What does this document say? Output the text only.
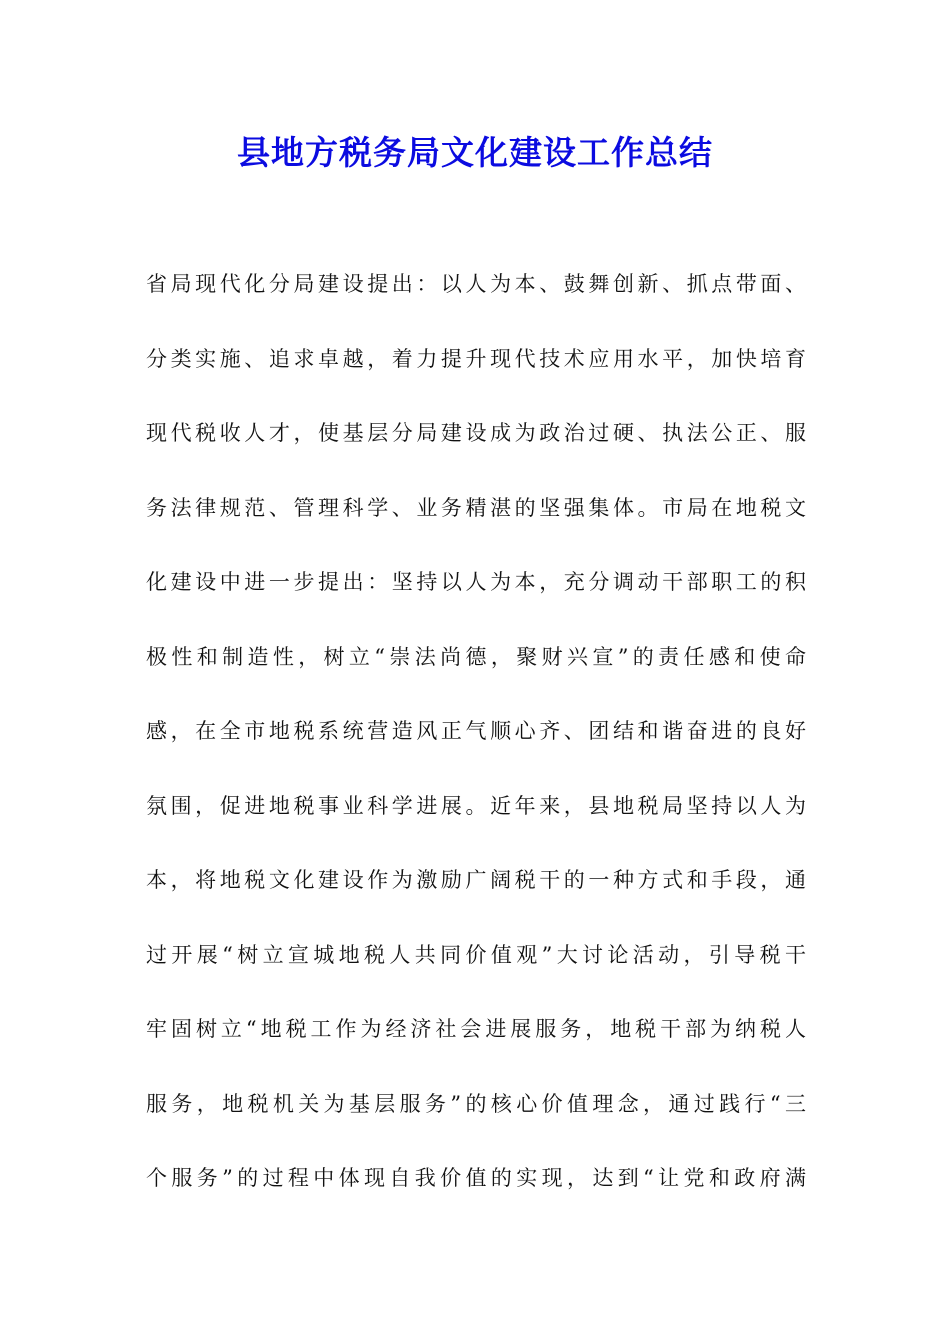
县地方税务局文化建设工作总结
省局现代化分局建设提出：以人为本、鼓舞创新、抓点带面、
分类实施、追求卓越，着力提升现代技术应用水平，加快培育
现代税收人才，使基层分局建设成为政治过硬、执法公正、服
务法律规范、管理科学、业务精湛的坚强集体。市局在地税文
化建设中进一步提出：坚持以人为本，充分调动干部职工的积
极性和制造性，树立“崇法尚德，聚财兴宣”的责任感和使命
感，在全市地税系统营造风正气顺心齐、团结和谐奋进的良好
氛围，促进地税事业科学进展。近年来，县地税局坚持以人为
本，将地税文化建设作为激励广阔税干的一种方式和手段，通
过开展“树立宣城地税人共同价值观”大讨论活动，引导税干
牢固树立“地税工作为经济社会进展服务，地税干部为纳税人
服务，地税机关为基层服务”的核心价值理念，通过践行“三
个服务”的过程中体现自我价值的实现，达到“让党和政府满
